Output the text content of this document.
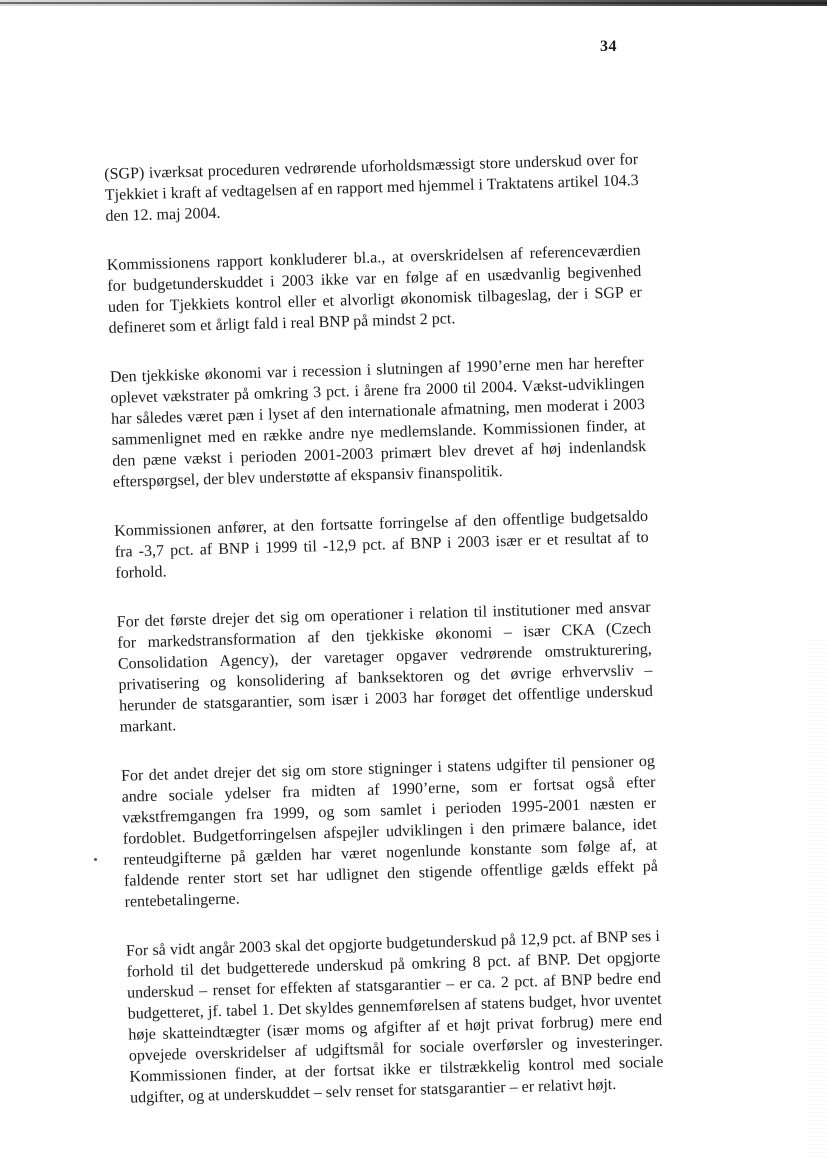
34

(SGP) iværksat proceduren vedrørende uforholdsmæssigt store underskud over for Tjekkiet i kraft af vedtagelsen af en rapport med hjemmel i Traktatens artikel 104.3 den 12. maj 2004.

Kommissionens rapport konkluderer bl.a., at overskridelsen af referenceværdien for budgetunderskuddet i 2003 ikke var en følge af en usædvanlig begivenhed uden for Tjekkiets kontrol eller et alvorligt økonomisk tilbageslag, der i SGP er defineret som et årligt fald i real BNP på mindst 2 pct.

Den tjekkiske økonomi var i recession i slutningen af 1990’erne men har herefter oplevet vækstrater på omkring 3 pct. i årene fra 2000 til 2004. Vækst-udviklingen har således været pæn i lyset af den internationale afmatning, men moderat i 2003 sammenlignet med en række andre nye medlemslande. Kommissionen finder, at den pæne vækst i perioden 2001-2003 primært blev drevet af høj indenlandsk efterspørgsel, der blev understøtte af ekspansiv finanspolitik.

Kommissionen anfører, at den fortsatte forringelse af den offentlige budgetsaldo fra -3,7 pct. af BNP i 1999 til -12,9 pct. af BNP i 2003 især er et resultat af to forhold.

For det første drejer det sig om operationer i relation til institutioner med ansvar for markedstransformation af den tjekkiske økonomi – især CKA (Czech Consolidation Agency), der varetager opgaver vedrørende omstrukturering, privatisering og konsolidering af banksektoren og det øvrige erhvervsliv – herunder de statsgarantier, som især i 2003 har forøget det offentlige underskud markant.

For det andet drejer det sig om store stigninger i statens udgifter til pensioner og andre sociale ydelser fra midten af 1990’erne, som er fortsat også efter vækstfremgangen fra 1999, og som samlet i perioden 1995-2001 næsten er fordoblet. Budgetforringelsen afspejler udviklingen i den primære balance, idet renteudgifterne på gælden har været nogenlunde konstante som følge af, at faldende renter stort set har udlignet den stigende offentlige gælds effekt på rentebetalingerne.

For så vidt angår 2003 skal det opgjorte budgetunderskud på 12,9 pct. af BNP ses i forhold til det budgetterede underskud på omkring 8 pct. af BNP. Det opgjorte underskud – renset for effekten af statsgarantier – er ca. 2 pct. af BNP bedre end budgetteret, jf. tabel 1. Det skyldes gennemførelsen af statens budget, hvor uventet høje skatteindtægter (især moms og afgifter af et højt privat forbrug) mere end opvejede overskridelser af udgiftsmål for sociale overførsler og investeringer. Kommissionen finder, at der fortsat ikke er tilstrækkelig kontrol med sociale udgifter, og at underskuddet – selv renset for statsgarantier – er relativt højt.
